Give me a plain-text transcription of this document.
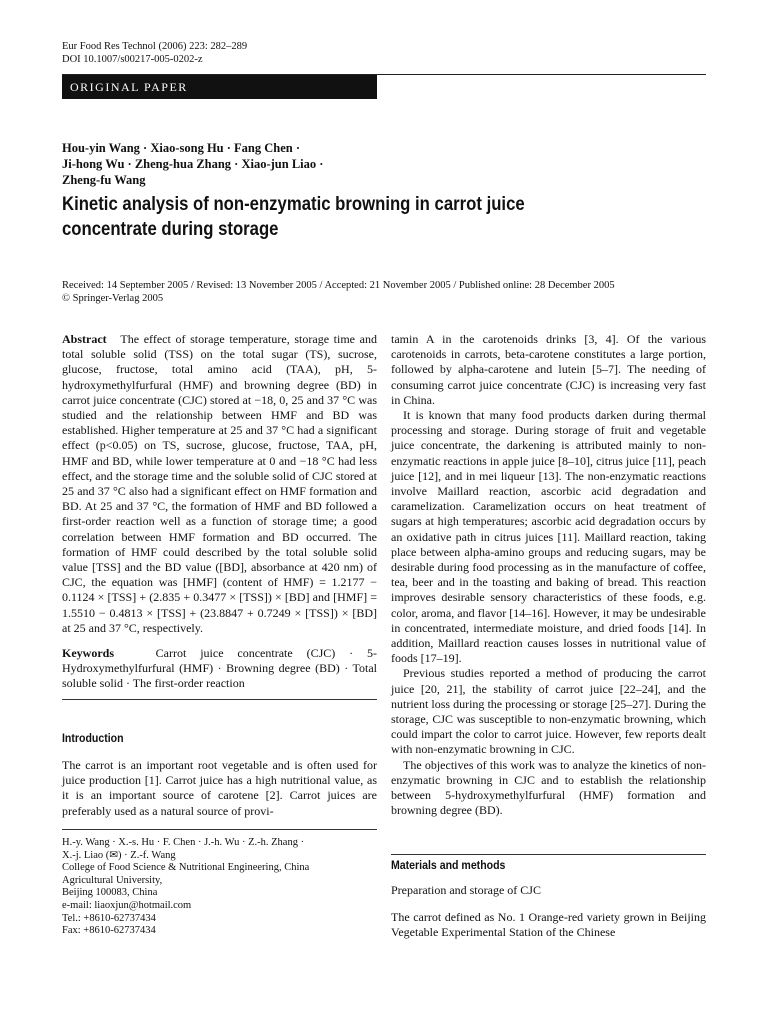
Eur Food Res Technol (2006) 223: 282–289
DOI 10.1007/s00217-005-0202-z
ORIGINAL PAPER
Hou-yin Wang · Xiao-song Hu · Fang Chen ·
Ji-hong Wu · Zheng-hua Zhang · Xiao-jun Liao ·
Zheng-fu Wang
Kinetic analysis of non-enzymatic browning in carrot juice
concentrate during storage
Received: 14 September 2005 / Revised: 13 November 2005 / Accepted: 21 November 2005 / Published online: 28 December 2005
© Springer-Verlag 2005

Abstract The effect of storage temperature, storage time and total soluble solid (TSS) on the total sugar (TS), sucrose, glucose, fructose, total amino acid (TAA), pH, 5-hydroxymethylfurfural (HMF) and browning degree (BD) in carrot juice concentrate (CJC) stored at −18, 0, 25 and 37 °C was studied and the relationship between HMF and BD was established. Higher temperature at 25 and 37 °C had a significant effect (p<0.05) on TS, sucrose, glucose, fructose, TAA, pH, HMF and BD, while lower temperature at 0 and −18 °C had less effect, and the storage time and the soluble solid of CJC stored at 25 and 37 °C also had a significant effect on HMF formation and BD. At 25 and 37 °C, the formation of HMF and BD followed a first-order reaction well as a function of storage time; a good correlation between HMF formation and BD occurred. The formation of HMF could described by the total soluble solid value [TSS] and the BD value ([BD], absorbance at 420 nm) of CJC, the equation was [HMF] (content of HMF) = 1.2177 − 0.1124 × [TSS] + (2.835 + 0.3477 × [TSS]) × [BD] and [HMF] = 1.5510 − 0.4813 × [TSS] + (23.8847 + 0.7249 × [TSS]) × [BD] at 25 and 37 °C, respectively.

Keywords	Carrot juice concentrate (CJC) · 5-Hydroxymethylfurfural (HMF) · Browning degree (BD) · Total soluble solid · The first-order reaction

Introduction

The carrot is an important root vegetable and is often used for juice production [1]. Carrot juice has a high nutritional value, as it is an important source of carotene [2]. Carrot juices are preferably used as a natural source of provi-

H.-y. Wang · X.-s. Hu · F. Chen · J.-h. Wu · Z.-h. Zhang ·
X.-j. Liao (✉) · Z.-f. Wang
College of Food Science & Nutritional Engineering, China
Agricultural University,
Beijing 100083, China
e-mail: liaoxjun@hotmail.com
Tel.: +8610-62737434
Fax: +8610-62737434

tamin A in the carotenoids drinks [3, 4]. Of the various carotenoids in carrots, beta-carotene constitutes a large portion, followed by alpha-carotene and lutein [5–7]. The needing of consuming carrot juice concentrate (CJC) is increasing very fast in China.

It is known that many food products darken during thermal processing and storage. During storage of fruit and vegetable juice concentrate, the darkening is attributed mainly to non-enzymatic reactions in apple juice [8–10], citrus juice [11], peach juice [12], and in mei liqueur [13]. The non-enzymatic reactions involve Maillard reaction, ascorbic acid degradation and caramelization. Caramelization occurs on heat treatment of sugars at high temperatures; ascorbic acid degradation occurs by an oxidative path in citrus juices [11]. Maillard reaction, taking place between alpha-amino groups and reducing sugars, may be desirable during food processing as in the manufacture of coffee, tea, beer and in the toasting and baking of bread. This reaction improves desirable sensory characteristics of these foods, e.g. color, aroma, and flavor [14–16]. However, it may be undesirable in concentrated, intermediate moisture, and dried foods [14]. In addition, Maillard reaction causes losses in nutritional value of foods [17–19].

Previous studies reported a method of producing the carrot juice [20, 21], the stability of carrot juice [22–24], and the nutrient loss during the processing or storage [25–27]. During the storage, CJC was susceptible to non-enzymatic browning, which could impart the color to carrot juice. However, few reports dealt with non-enzymatic browning in CJC.

The objectives of this work was to analyze the kinetics of non-enzymatic browning in CJC and to establish the relationship between 5-hydroxymethylfurfural (HMF) formation and browning degree (BD).

Materials and methods

Preparation and storage of CJC

The carrot defined as No. 1 Orange-red variety grown in Beijing Vegetable Experimental Station of the Chinese
